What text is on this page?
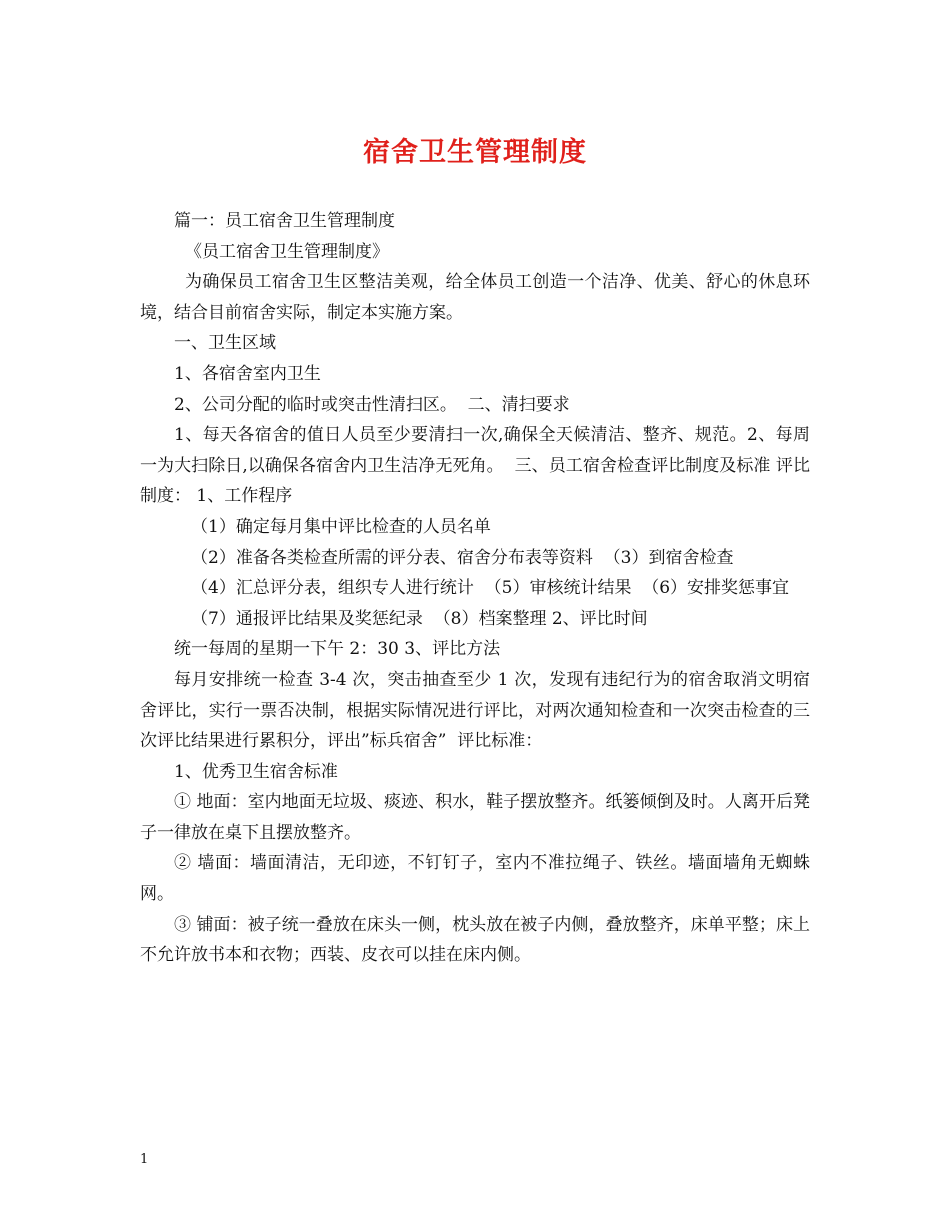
宿舍卫生管理制度

篇一：员工宿舍卫生管理制度

《员工宿舍卫生管理制度》

为确保员工宿舍卫生区整洁美观，给全体员工创造一个洁净、优美、舒心的休息环境，结合目前宿舍实际，制定本实施方案。

一、卫生区域

1、各宿舍室内卫生

2、公司分配的临时或突击性清扫区。  二、清扫要求

1、每天各宿舍的值日人员至少要清扫一次,确保全天候清洁、整齐、规范。2、每周一为大扫除日,以确保各宿舍内卫生洁净无死角。  三、员工宿舍检查评比制度及标准 评比制度： 1、工作程序

（1）确定每月集中评比检查的人员名单

（2）准备各类检查所需的评分表、宿舍分布表等资料  （3）到宿舍检查

（4）汇总评分表，组织专人进行统计  （5）审核统计结果  （6）安排奖惩事宜

（7）通报评比结果及奖惩纪录  （8）档案整理 2、评比时间

统一每周的星期一下午 2：30 3、评比方法

每月安排统一检查 3-4 次，突击抽查至少 1 次，发现有违纪行为的宿舍取消文明宿舍评比，实行一票否决制，根据实际情况进行评比，对两次通知检查和一次突击检查的三次评比结果进行累积分，评出”标兵宿舍”  评比标准：

1、优秀卫生宿舍标准

① 地面：室内地面无垃圾、痰迹、积水，鞋子摆放整齐。纸篓倾倒及时。人离开后凳子一律放在桌下且摆放整齐。

② 墙面：墙面清洁，无印迹，不钉钉子，室内不准拉绳子、铁丝。墙面墙角无蜘蛛网。

③ 铺面：被子统一叠放在床头一侧，枕头放在被子内侧，叠放整齐，床单平整；床上不允许放书本和衣物；西装、皮衣可以挂在床内侧。

1
